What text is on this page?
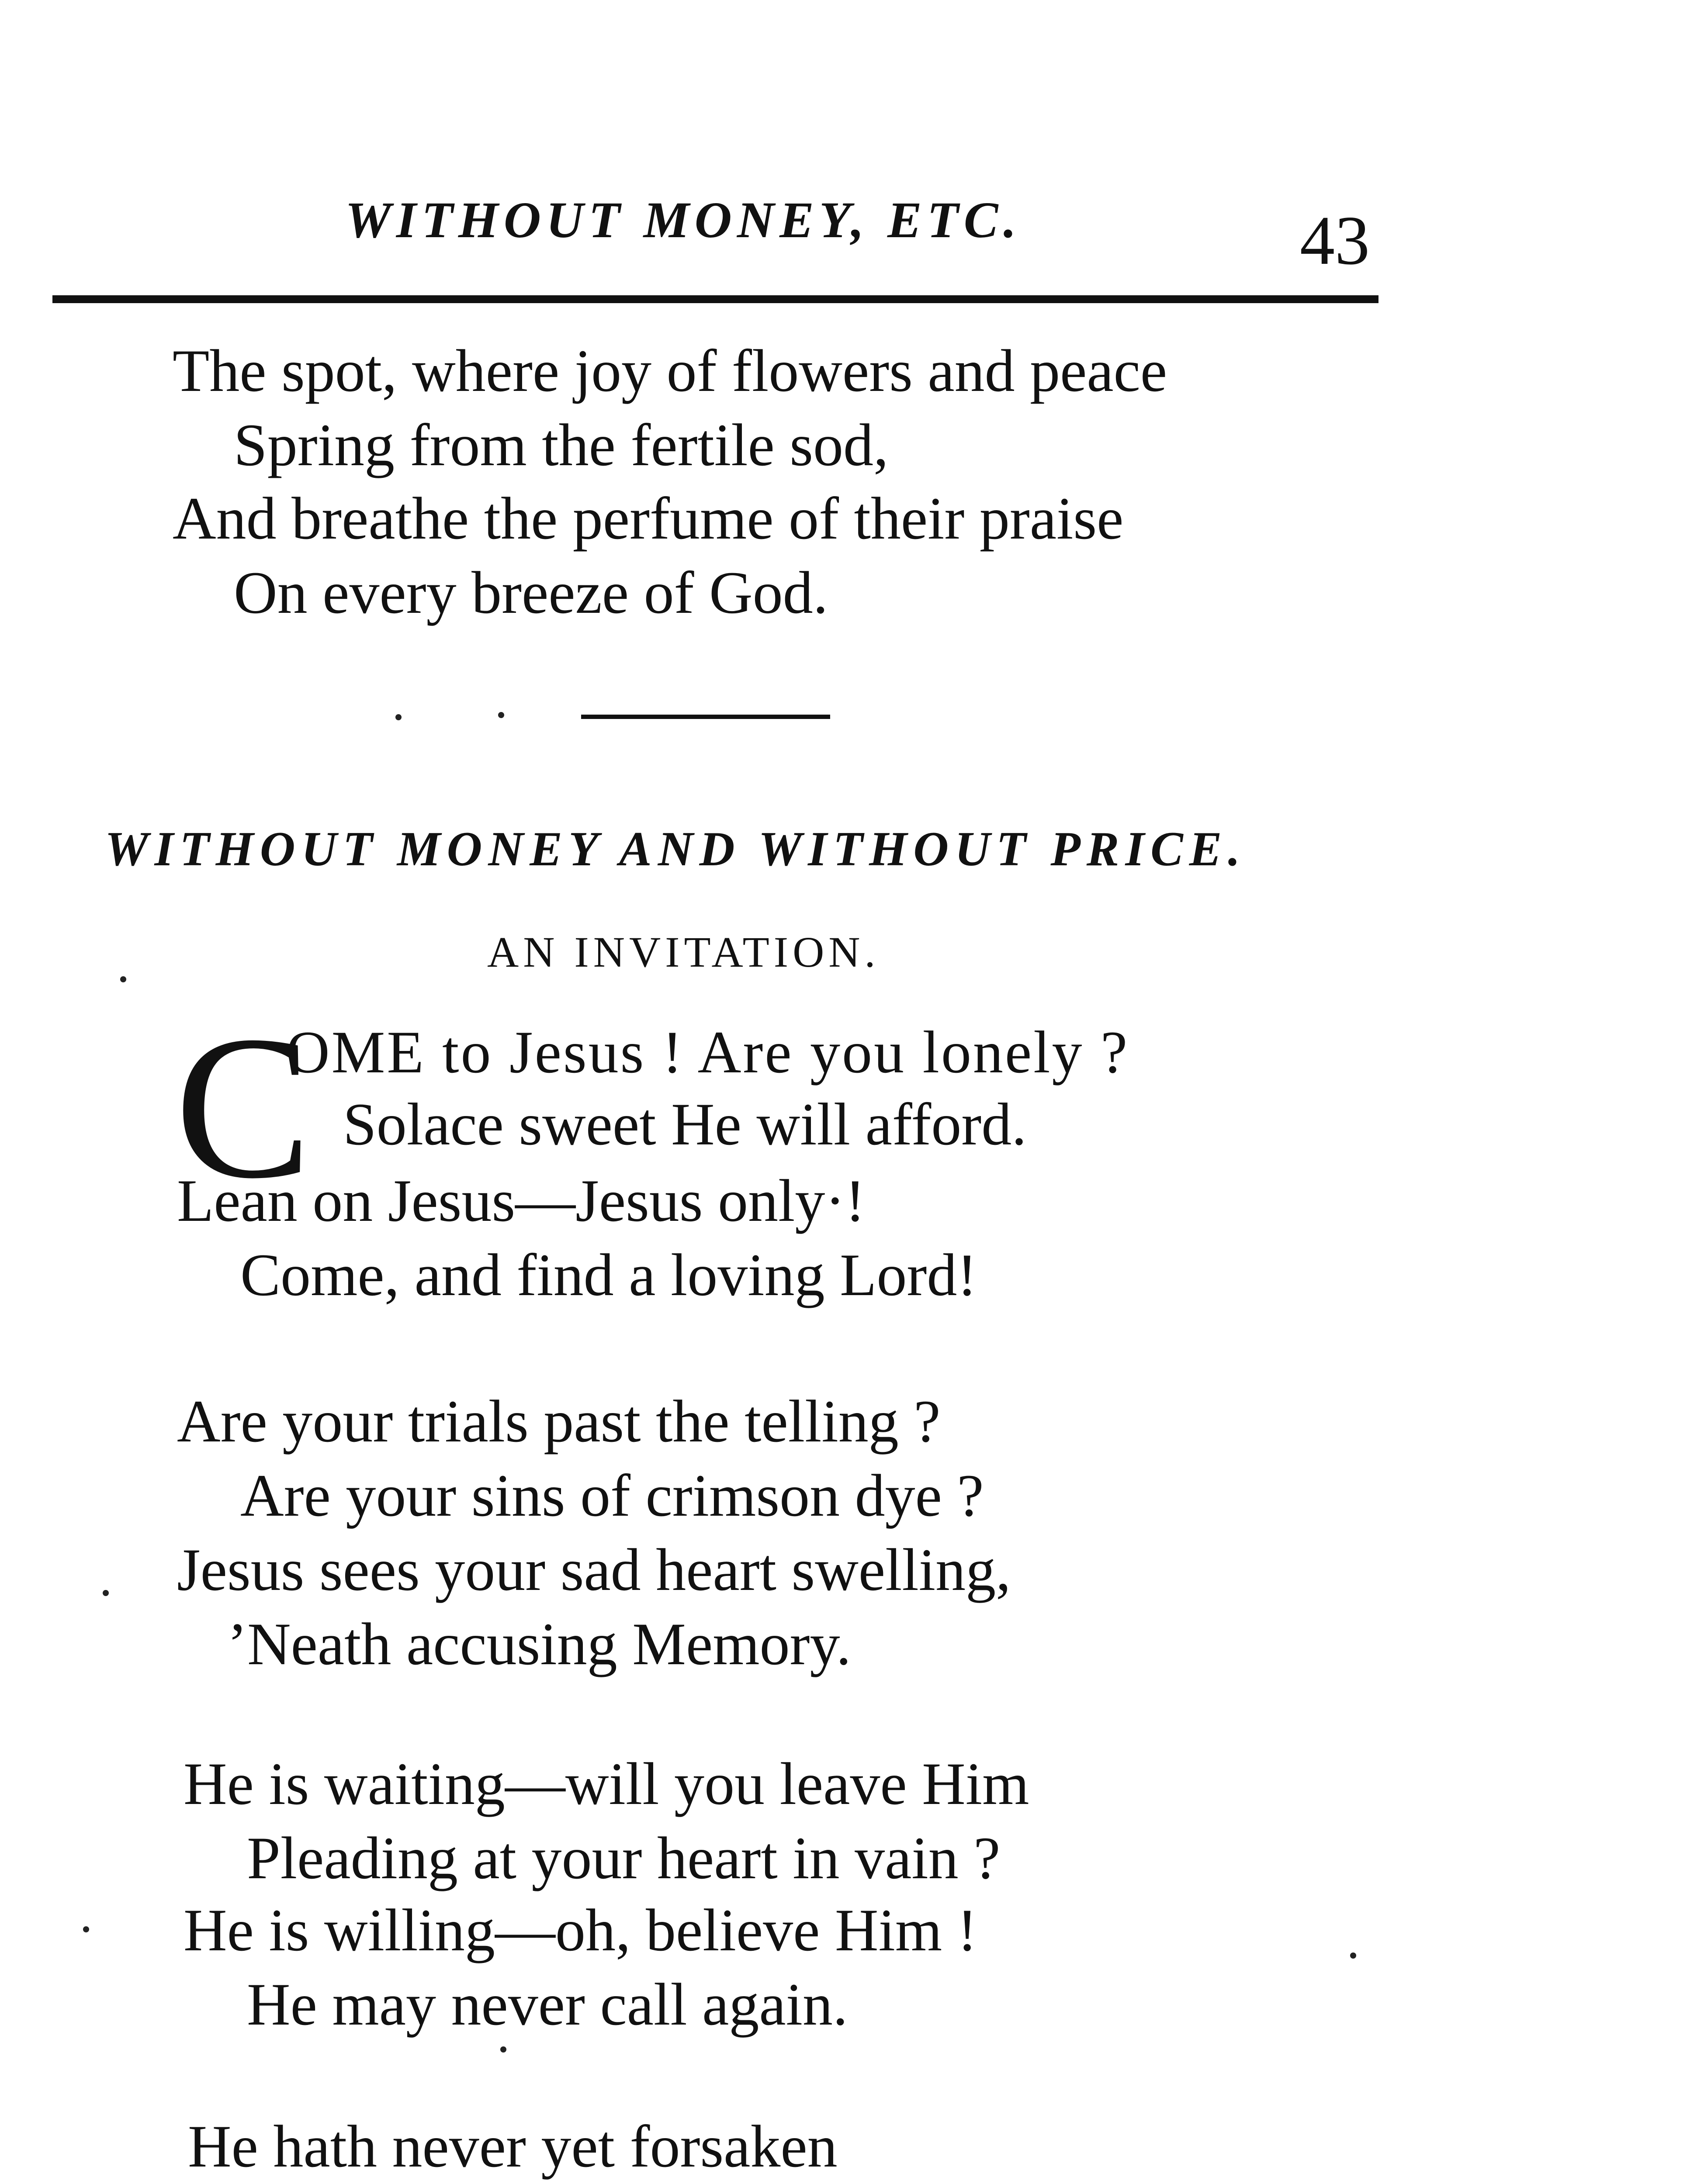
WITHOUT MONEY, ETC.	43
The spot, where joy of flowers and peace
Spring from the fertile sod,
And breathe the perfume of their praise
On every breeze of God.
WITHOUT MONEY AND WITHOUT PRICE.
AN INVITATION.
C
OME to Jesus ! Are you lonely ?
Solace sweet He will afford.
Lean on Jesus—Jesus only·!
Come, and find a loving Lord!
Are your trials past the telling ?
Are your sins of crimson dye ?
Jesus sees your sad heart swelling,
’Neath accusing Memory.
He is waiting—will you leave Him
Pleading at your heart in vain ?
He is willing—oh, believe Him !
He may never call again.
He hath never yet forsaken
